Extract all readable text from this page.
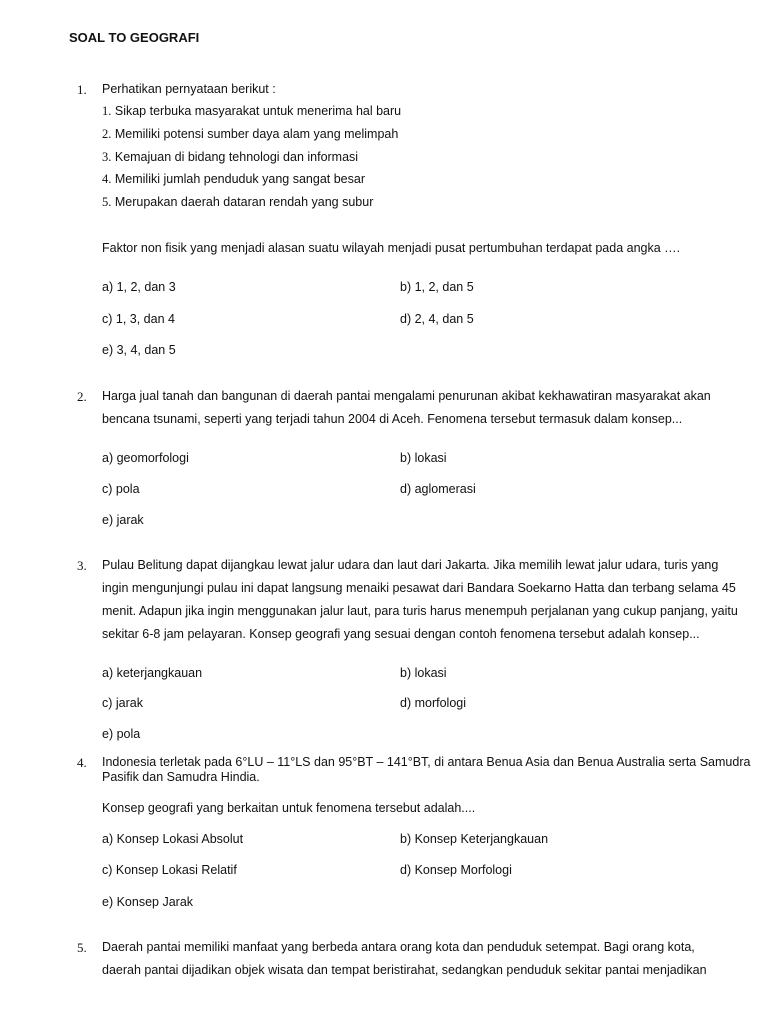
SOAL TO GEOGRAFI
1. Perhatikan pernyataan berikut :
1. Sikap terbuka masyarakat untuk menerima hal baru
2. Memiliki potensi sumber daya alam yang melimpah
3. Kemajuan di bidang tehnologi dan informasi
4. Memiliki jumlah penduduk yang sangat besar
5. Merupakan daerah dataran rendah yang subur
Faktor non fisik yang menjadi alasan suatu wilayah menjadi pusat pertumbuhan terdapat pada angka ….
a) 1, 2, dan 3	b) 1, 2, dan 5
c) 1, 3, dan 4	d) 2, 4, dan 5
e) 3, 4, dan 5
2. Harga jual tanah dan bangunan di daerah pantai mengalami penurunan akibat kekhawatiran masyarakat akan
bencana tsunami, seperti yang terjadi tahun 2004 di Aceh. Fenomena tersebut termasuk dalam konsep...
a) geomorfologi	b) lokasi
c) pola	d) aglomerasi
e) jarak
3. Pulau Belitung dapat dijangkau lewat jalur udara dan laut dari Jakarta. Jika memilih lewat jalur udara, turis yang
ingin mengunjungi pulau ini dapat langsung menaiki pesawat dari Bandara Soekarno Hatta dan terbang selama 45
menit. Adapun jika ingin menggunakan jalur laut, para turis harus menempuh perjalanan yang cukup panjang, yaitu
sekitar 6-8 jam pelayaran. Konsep geografi yang sesuai dengan contoh fenomena tersebut adalah konsep...
a) keterjangkauan	b) lokasi
c) jarak	d) morfologi
e) pola
4. Indonesia terletak pada 6°LU – 11°LS dan 95°BT – 141°BT, di antara Benua Asia dan Benua Australia serta Samudra
Pasifik dan Samudra Hindia.
Konsep geografi yang berkaitan untuk fenomena tersebut adalah....
a) Konsep Lokasi Absolut	b) Konsep Keterjangkauan
c) Konsep Lokasi Relatif	d) Konsep Morfologi
e) Konsep Jarak
5. Daerah pantai memiliki manfaat yang berbeda antara orang kota dan penduduk setempat. Bagi orang kota,
daerah pantai dijadikan objek wisata dan tempat beristirahat, sedangkan penduduk sekitar pantai menjadikan
